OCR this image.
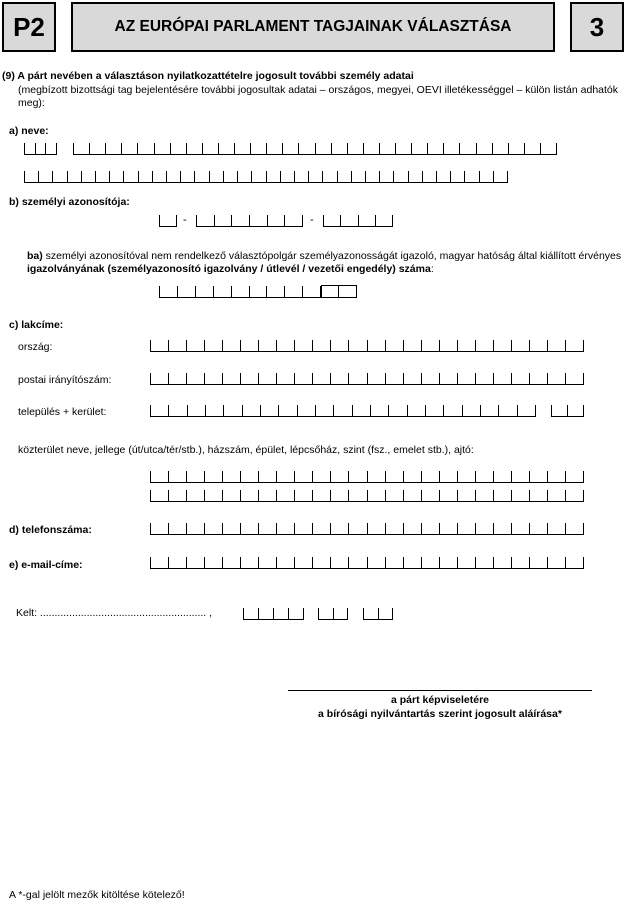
P2	AZ EURÓPAI PARLAMENT TAGJAINAK VÁLASZTÁSA	3
(9) A párt nevében a választáson nyilatkozattételre jogosult további személy adatai
(megbízott bizottsági tag bejelentésére további jogosultak adatai – országos, megyei, OEVI illetékességgel – külön listán adhatók
meg):
a) neve:
b) személyi azonosítója:
-	-
ba) személyi azonosítóval nem rendelkező választópolgár személyazonosságát igazoló, magyar hatóság által kiállított érvényes
igazolványának (személyazonosító igazolvány / útlevél / vezetői engedély) száma:
c) lakcíme:
ország:
postai irányítószám:
település + kerület:
közterület neve, jellege (út/utca/tér/stb.), házszám, épület, lépcsőház, szint (fsz., emelet stb.), ajtó:
d) telefonszáma:
e) e-mail-címe:
Kelt: ......................................................... ,
a párt képviseletére
a bírósági nyilvántartás szerint jogosult aláírása*
A *-gal jelölt mezők kitöltése kötelező!
